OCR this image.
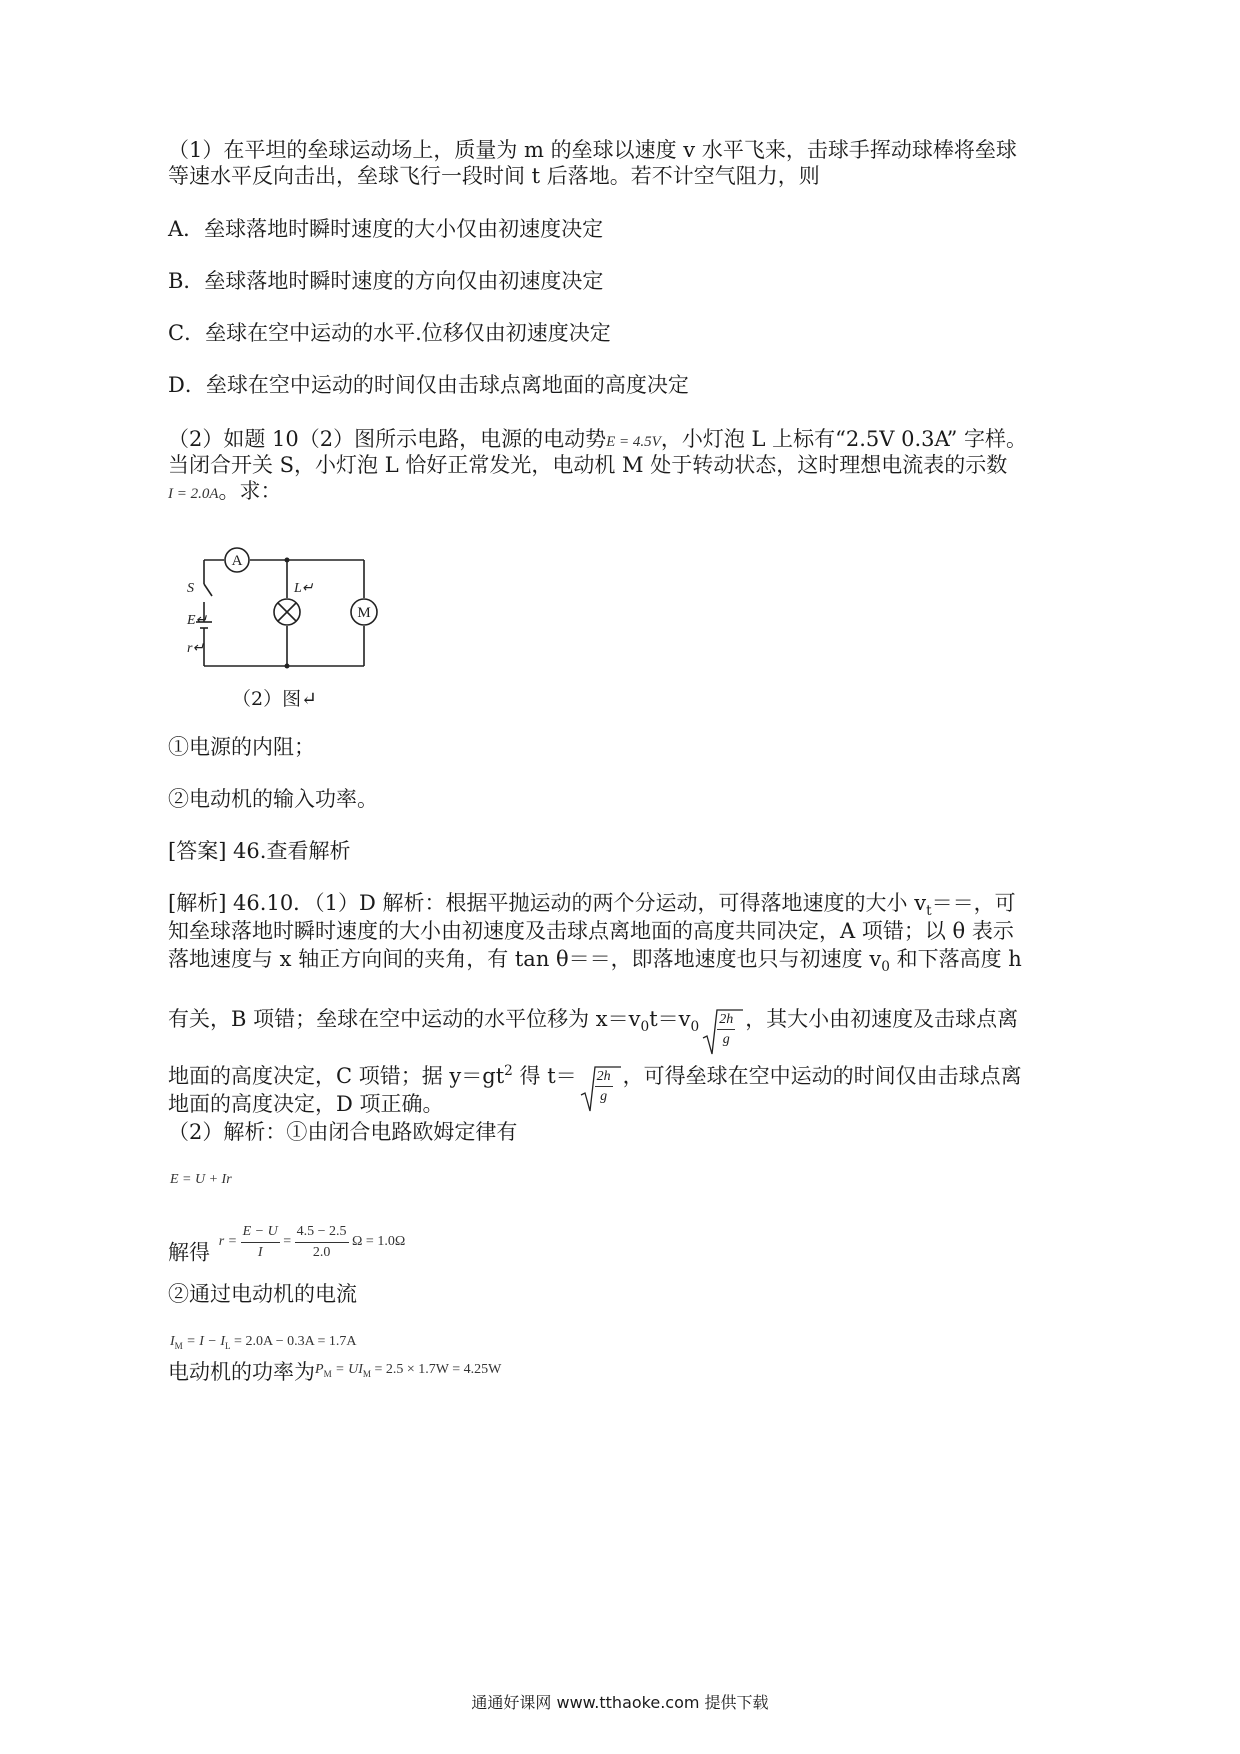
（1）在平坦的垒球运动场上，质量为 m 的垒球以速度 v 水平飞来，击球手挥动球棒将垒球
等速水平反向击出，垒球飞行一段时间 t 后落地。若不计空气阻力，则
A．垒球落地时瞬时速度的大小仅由初速度决定
B．垒球落地时瞬时速度的方向仅由初速度决定
C．垒球在空中运动的水平.位移仅由初速度决定
D．垒球在空中运动的时间仅由击球点离地面的高度决定
（2）如题 10（2）图所示电路，电源的电动势E = 4.5V，小灯泡 L 上标有“2.5V 0.3A” 字样。
当闭合开关 S，小灯泡 L 恰好正常发光，电动机 M 处于转动状态，这时理想电流表的示数
I = 2.0A。求：
A
M
L↵
S
E↵
r↵
（2）图↵
①电源的内阻；
②电动机的输入功率。
[答案] 46.查看解析
[解析] 46.10．（1）D 解析：根据平抛运动的两个分运动，可得落地速度的大小 $v_t==$，可
知垒球落地时瞬时速度的大小由初速度及击球点离地面的高度共同决定，A 项错；以 θ 表示
落地速度与 x 轴正方向间的夹角，有 tan θ＝＝，即落地速度也只与初速度 $v_0$ 和下落高度 h
有关，B 项错；垒球在空中运动的水平位移为 $x=v_0t=v_0 \frac{2h}{g}$ ，其大小由初速度及击球点离
地面的高度决定，C 项错；据 $y=gt^2$ 得 $t= \frac{2h}{g}$ ，可得垒球在空中运动的时间仅由击球点离
地面的高度决定，D 项正确。
（2）解析：①由闭合电路欧姆定律有
E = U + Ir
解得 $^{r = \frac{E - U}{I} = \frac{4.5 - 2.5}{2.0} \Omega = 1.0\Omega}$
②通过电动机的电流
$I_M = I - I_L = 2.0A - 0.3A = 1.7A$
电动机的功率为$^{P_M = UI_M = 2.5 \times 1.7W = 4.25W}$
通通好课网 www.tthaoke.com 提供下载
